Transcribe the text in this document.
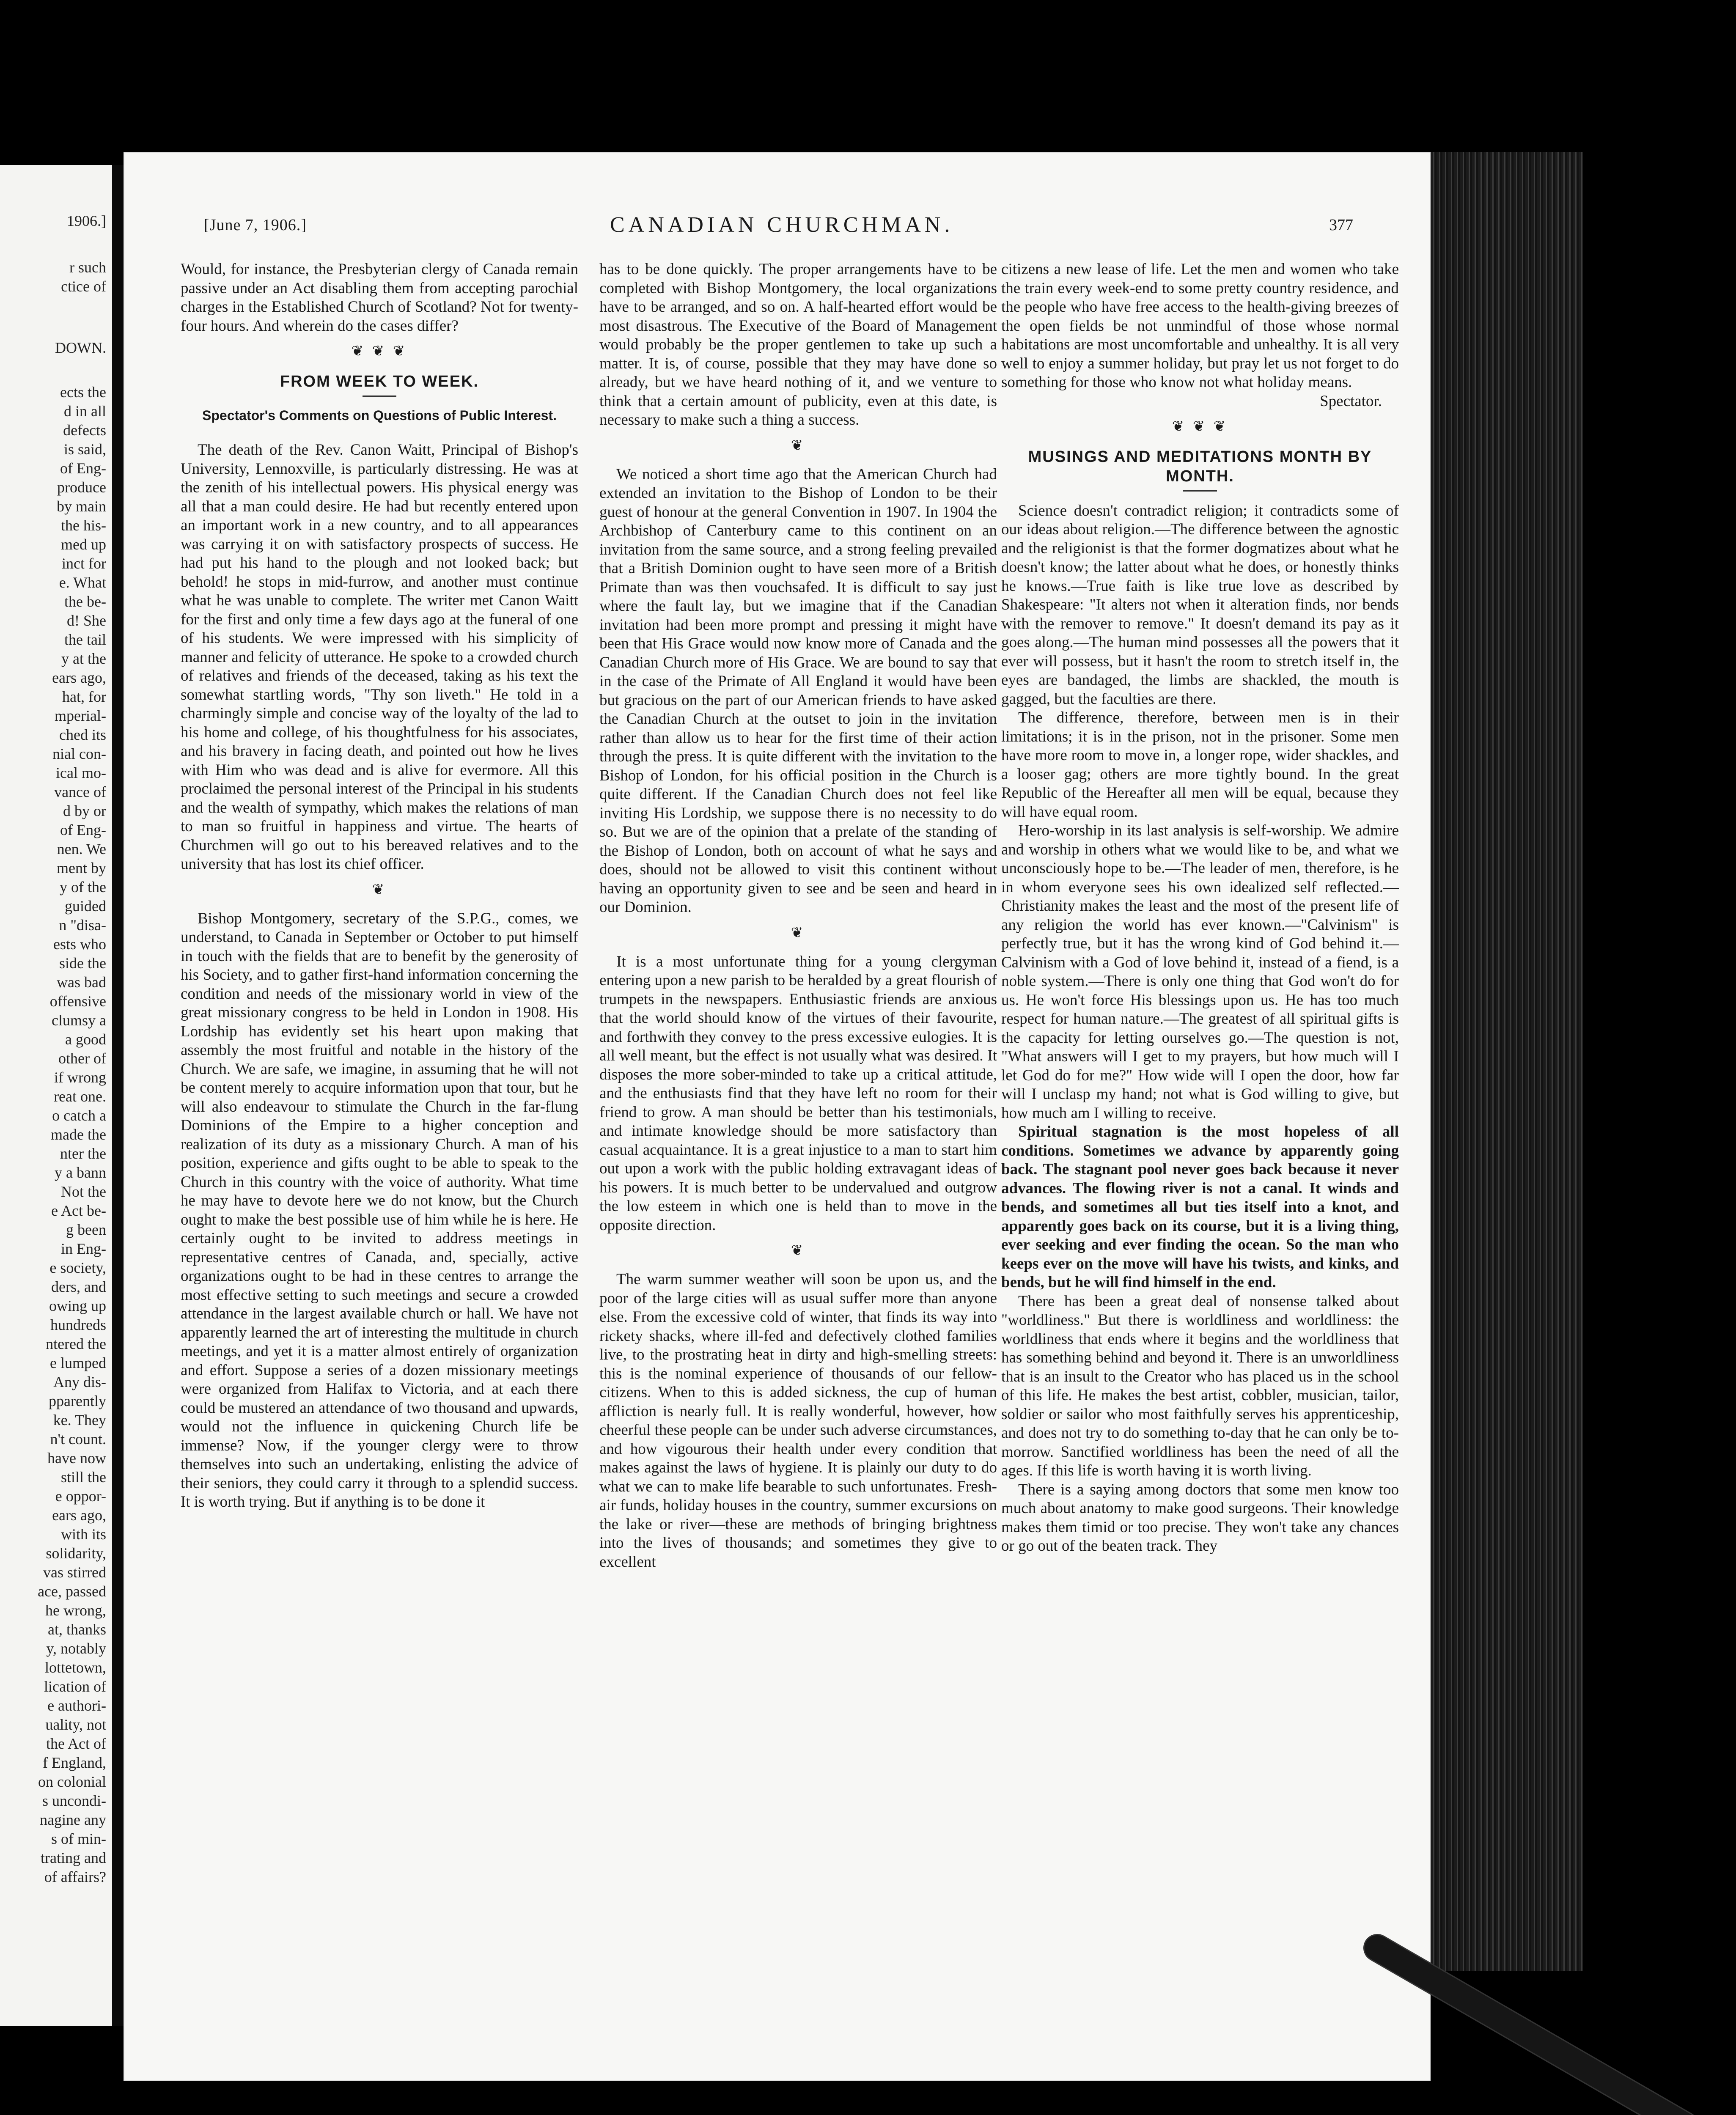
1906.]
r such
ctice of
DOWN.
ects the
d in all
defects
is said,
of Eng-
produce
by main
the his-
med up
inct for
e. What
the be-
d! She
the tail
y at the
ears ago,
hat, for
mperial-
ched its
nial con-
ical mo-
vance of
d by or
of Eng-
nen. We
ment by
y of the
guided
n "disa-
ests who
side the
was bad
offensive
clumsy a
a good
other of
if wrong
reat one.
o catch a
made the
nter the
y a bann
Not the
e Act be-
g been
in Eng-
e society,
ders, and
owing up
hundreds
ntered the
e lumped
Any dis-
pparently
ke. They
n't count.
have now
still the
e oppor-
ears ago,
with its
solidarity,
vas stirred
ace, passed
he wrong,
at, thanks
y, notably
lottetown,
lication of
e authori-
uality, not
the Act of
f England,
on colonial
s uncondi-
nagine any
s of min-
trating and
of affairs?
[June 7, 1906.]	CANADIAN CHURCHMAN.	377

Would, for instance, the Presbyterian clergy of Canada remain passive under an Act disabling them from accepting parochial charges in the Established Church of Scotland? Not for twenty-four hours. And wherein do the cases differ?

❦ ❦ ❦
FROM WEEK TO WEEK.
Spectator's Comments on Questions of Public Interest.

The death of the Rev. Canon Waitt, Principal of Bishop's University, Lennoxville, is particularly distressing. He was at the zenith of his intellectual powers. His physical energy was all that a man could desire. He had but recently entered upon an important work in a new country, and to all appearances was carrying it on with satisfactory prospects of success. He had put his hand to the plough and not looked back; but behold! he stops in mid-furrow, and another must continue what he was unable to complete. The writer met Canon Waitt for the first and only time a few days ago at the funeral of one of his students. We were impressed with his simplicity of manner and felicity of utterance. He spoke to a crowded church of relatives and friends of the deceased, taking as his text the somewhat startling words, "Thy son liveth." He told in a charmingly simple and concise way of the loyalty of the lad to his home and college, of his thoughtfulness for his associates, and his bravery in facing death, and pointed out how he lives with Him who was dead and is alive for evermore. All this proclaimed the personal interest of the Principal in his students and the wealth of sympathy, which makes the relations of man to man so fruitful in happiness and virtue. The hearts of Churchmen will go out to his bereaved relatives and to the university that has lost its chief officer.

❦

Bishop Montgomery, secretary of the S.P.G., comes, we understand, to Canada in September or October to put himself in touch with the fields that are to benefit by the generosity of his Society, and to gather first-hand information concerning the condition and needs of the missionary world in view of the great missionary congress to be held in London in 1908. His Lordship has evidently set his heart upon making that assembly the most fruitful and notable in the history of the Church. We are safe, we imagine, in assuming that he will not be content merely to acquire information upon that tour, but he will also endeavour to stimulate the Church in the far-flung Dominions of the Empire to a higher conception and realization of its duty as a missionary Church. A man of his position, experience and gifts ought to be able to speak to the Church in this country with the voice of authority. What time he may have to devote here we do not know, but the Church ought to make the best possible use of him while he is here. He certainly ought to be invited to address meetings in representative centres of Canada, and, specially, active organizations ought to be had in these centres to arrange the most effective setting to such meetings and secure a crowded attendance in the largest available church or hall. We have not apparently learned the art of interesting the multitude in church meetings, and yet it is a matter almost entirely of organization and effort. Suppose a series of a dozen missionary meetings were organized from Halifax to Victoria, and at each there could be mustered an attendance of two thousand and upwards, would not the influence in quickening Church life be immense? Now, if the younger clergy were to throw themselves into such an undertaking, enlisting the advice of their seniors, they could carry it through to a splendid success. It is worth trying. But if anything is to be done it

has to be done quickly. The proper arrangements have to be completed with Bishop Montgomery, the local organizations have to be arranged, and so on. A half-hearted effort would be most disastrous. The Executive of the Board of Management would probably be the proper gentlemen to take up such a matter. It is, of course, possible that they may have done so already, but we have heard nothing of it, and we venture to think that a certain amount of publicity, even at this date, is necessary to make such a thing a success.

❦

We noticed a short time ago that the American Church had extended an invitation to the Bishop of London to be their guest of honour at the general Convention in 1907. In 1904 the Archbishop of Canterbury came to this continent on an invitation from the same source, and a strong feeling prevailed that a British Dominion ought to have seen more of a British Primate than was then vouchsafed. It is difficult to say just where the fault lay, but we imagine that if the Canadian invitation had been more prompt and pressing it might have been that His Grace would now know more of Canada and the Canadian Church more of His Grace. We are bound to say that in the case of the Primate of All England it would have been but gracious on the part of our American friends to have asked the Canadian Church at the outset to join in the invitation rather than allow us to hear for the first time of their action through the press. It is quite different with the invitation to the Bishop of London, for his official position in the Church is quite different. If the Canadian Church does not feel like inviting His Lordship, we suppose there is no necessity to do so. But we are of the opinion that a prelate of the standing of the Bishop of London, both on account of what he says and does, should not be allowed to visit this continent without having an opportunity given to see and be seen and heard in our Dominion.

❦

It is a most unfortunate thing for a young clergyman entering upon a new parish to be heralded by a great flourish of trumpets in the newspapers. Enthusiastic friends are anxious that the world should know of the virtues of their favourite, and forthwith they convey to the press excessive eulogies. It is all well meant, but the effect is not usually what was desired. It disposes the more sober-minded to take up a critical attitude, and the enthusiasts find that they have left no room for their friend to grow. A man should be better than his testimonials, and intimate knowledge should be more satisfactory than casual acquaintance. It is a great injustice to a man to start him out upon a work with the public holding extravagant ideas of his powers. It is much better to be undervalued and outgrow the low esteem in which one is held than to move in the opposite direction.

❦

The warm summer weather will soon be upon us, and the poor of the large cities will as usual suffer more than anyone else. From the excessive cold of winter, that finds its way into rickety shacks, where ill-fed and defectively clothed families live, to the prostrating heat in dirty and high-smelling streets: this is the nominal experience of thousands of our fellow-citizens. When to this is added sickness, the cup of human affliction is nearly full. It is really wonderful, however, how cheerful these people can be under such adverse circumstances, and how vigourous their health under every condition that makes against the laws of hygiene. It is plainly our duty to do what we can to make life bearable to such unfortunates. Fresh-air funds, holiday houses in the country, summer excursions on the lake or river—these are methods of bringing brightness into the lives of thousands; and sometimes they give to excellent

citizens a new lease of life. Let the men and women who take the train every week-end to some pretty country residence, and the people who have free access to the health-giving breezes of the open fields be not unmindful of those whose normal habitations are most uncomfortable and unhealthy. It is all very well to enjoy a summer holiday, but pray let us not forget to do something for those who know not what holiday means.

Spectator.
❦ ❦ ❦
MUSINGS AND MEDITATIONS MONTH BY MONTH.

Science doesn't contradict religion; it contradicts some of our ideas about religion.—The difference between the agnostic and the religionist is that the former dogmatizes about what he doesn't know; the latter about what he does, or honestly thinks he knows.—True faith is like true love as described by Shakespeare: "It alters not when it alteration finds, nor bends with the remover to remove." It doesn't demand its pay as it goes along.—The human mind possesses all the powers that it ever will possess, but it hasn't the room to stretch itself in, the eyes are bandaged, the limbs are shackled, the mouth is gagged, but the faculties are there.

The difference, therefore, between men is in their limitations; it is in the prison, not in the prisoner. Some men have more room to move in, a longer rope, wider shackles, and a looser gag; others are more tightly bound. In the great Republic of the Hereafter all men will be equal, because they will have equal room.

Hero-worship in its last analysis is self-worship. We admire and worship in others what we would like to be, and what we unconsciously hope to be.—The leader of men, therefore, is he in whom everyone sees his own idealized self reflected.—Christianity makes the least and the most of the present life of any religion the world has ever known.—"Calvinism" is perfectly true, but it has the wrong kind of God behind it.—Calvinism with a God of love behind it, instead of a fiend, is a noble system.—There is only one thing that God won't do for us. He won't force His blessings upon us. He has too much respect for human nature.—The greatest of all spiritual gifts is the capacity for letting ourselves go.—The question is not, "What answers will I get to my prayers, but how much will I let God do for me?" How wide will I open the door, how far will I unclasp my hand; not what is God willing to give, but how much am I willing to receive.

Spiritual stagnation is the most hopeless of all conditions. Sometimes we advance by apparently going back. The stagnant pool never goes back because it never advances. The flowing river is not a canal. It winds and bends, and sometimes all but ties itself into a knot, and apparently goes back on its course, but it is a living thing, ever seeking and ever finding the ocean. So the man who keeps ever on the move will have his twists, and kinks, and bends, but he will find himself in the end.

There has been a great deal of nonsense talked about "worldliness." But there is worldliness and worldliness: the worldliness that ends where it begins and the worldliness that has something behind and beyond it. There is an unworldliness that is an insult to the Creator who has placed us in the school of this life. He makes the best artist, cobbler, musician, tailor, soldier or sailor who most faithfully serves his apprenticeship, and does not try to do something to-day that he can only be to-morrow. Sanctified worldliness has been the need of all the ages. If this life is worth having it is worth living.

There is a saying among doctors that some men know too much about anatomy to make good surgeons. Their knowledge makes them timid or too precise. They won't take any chances or go out of the beaten track. They
